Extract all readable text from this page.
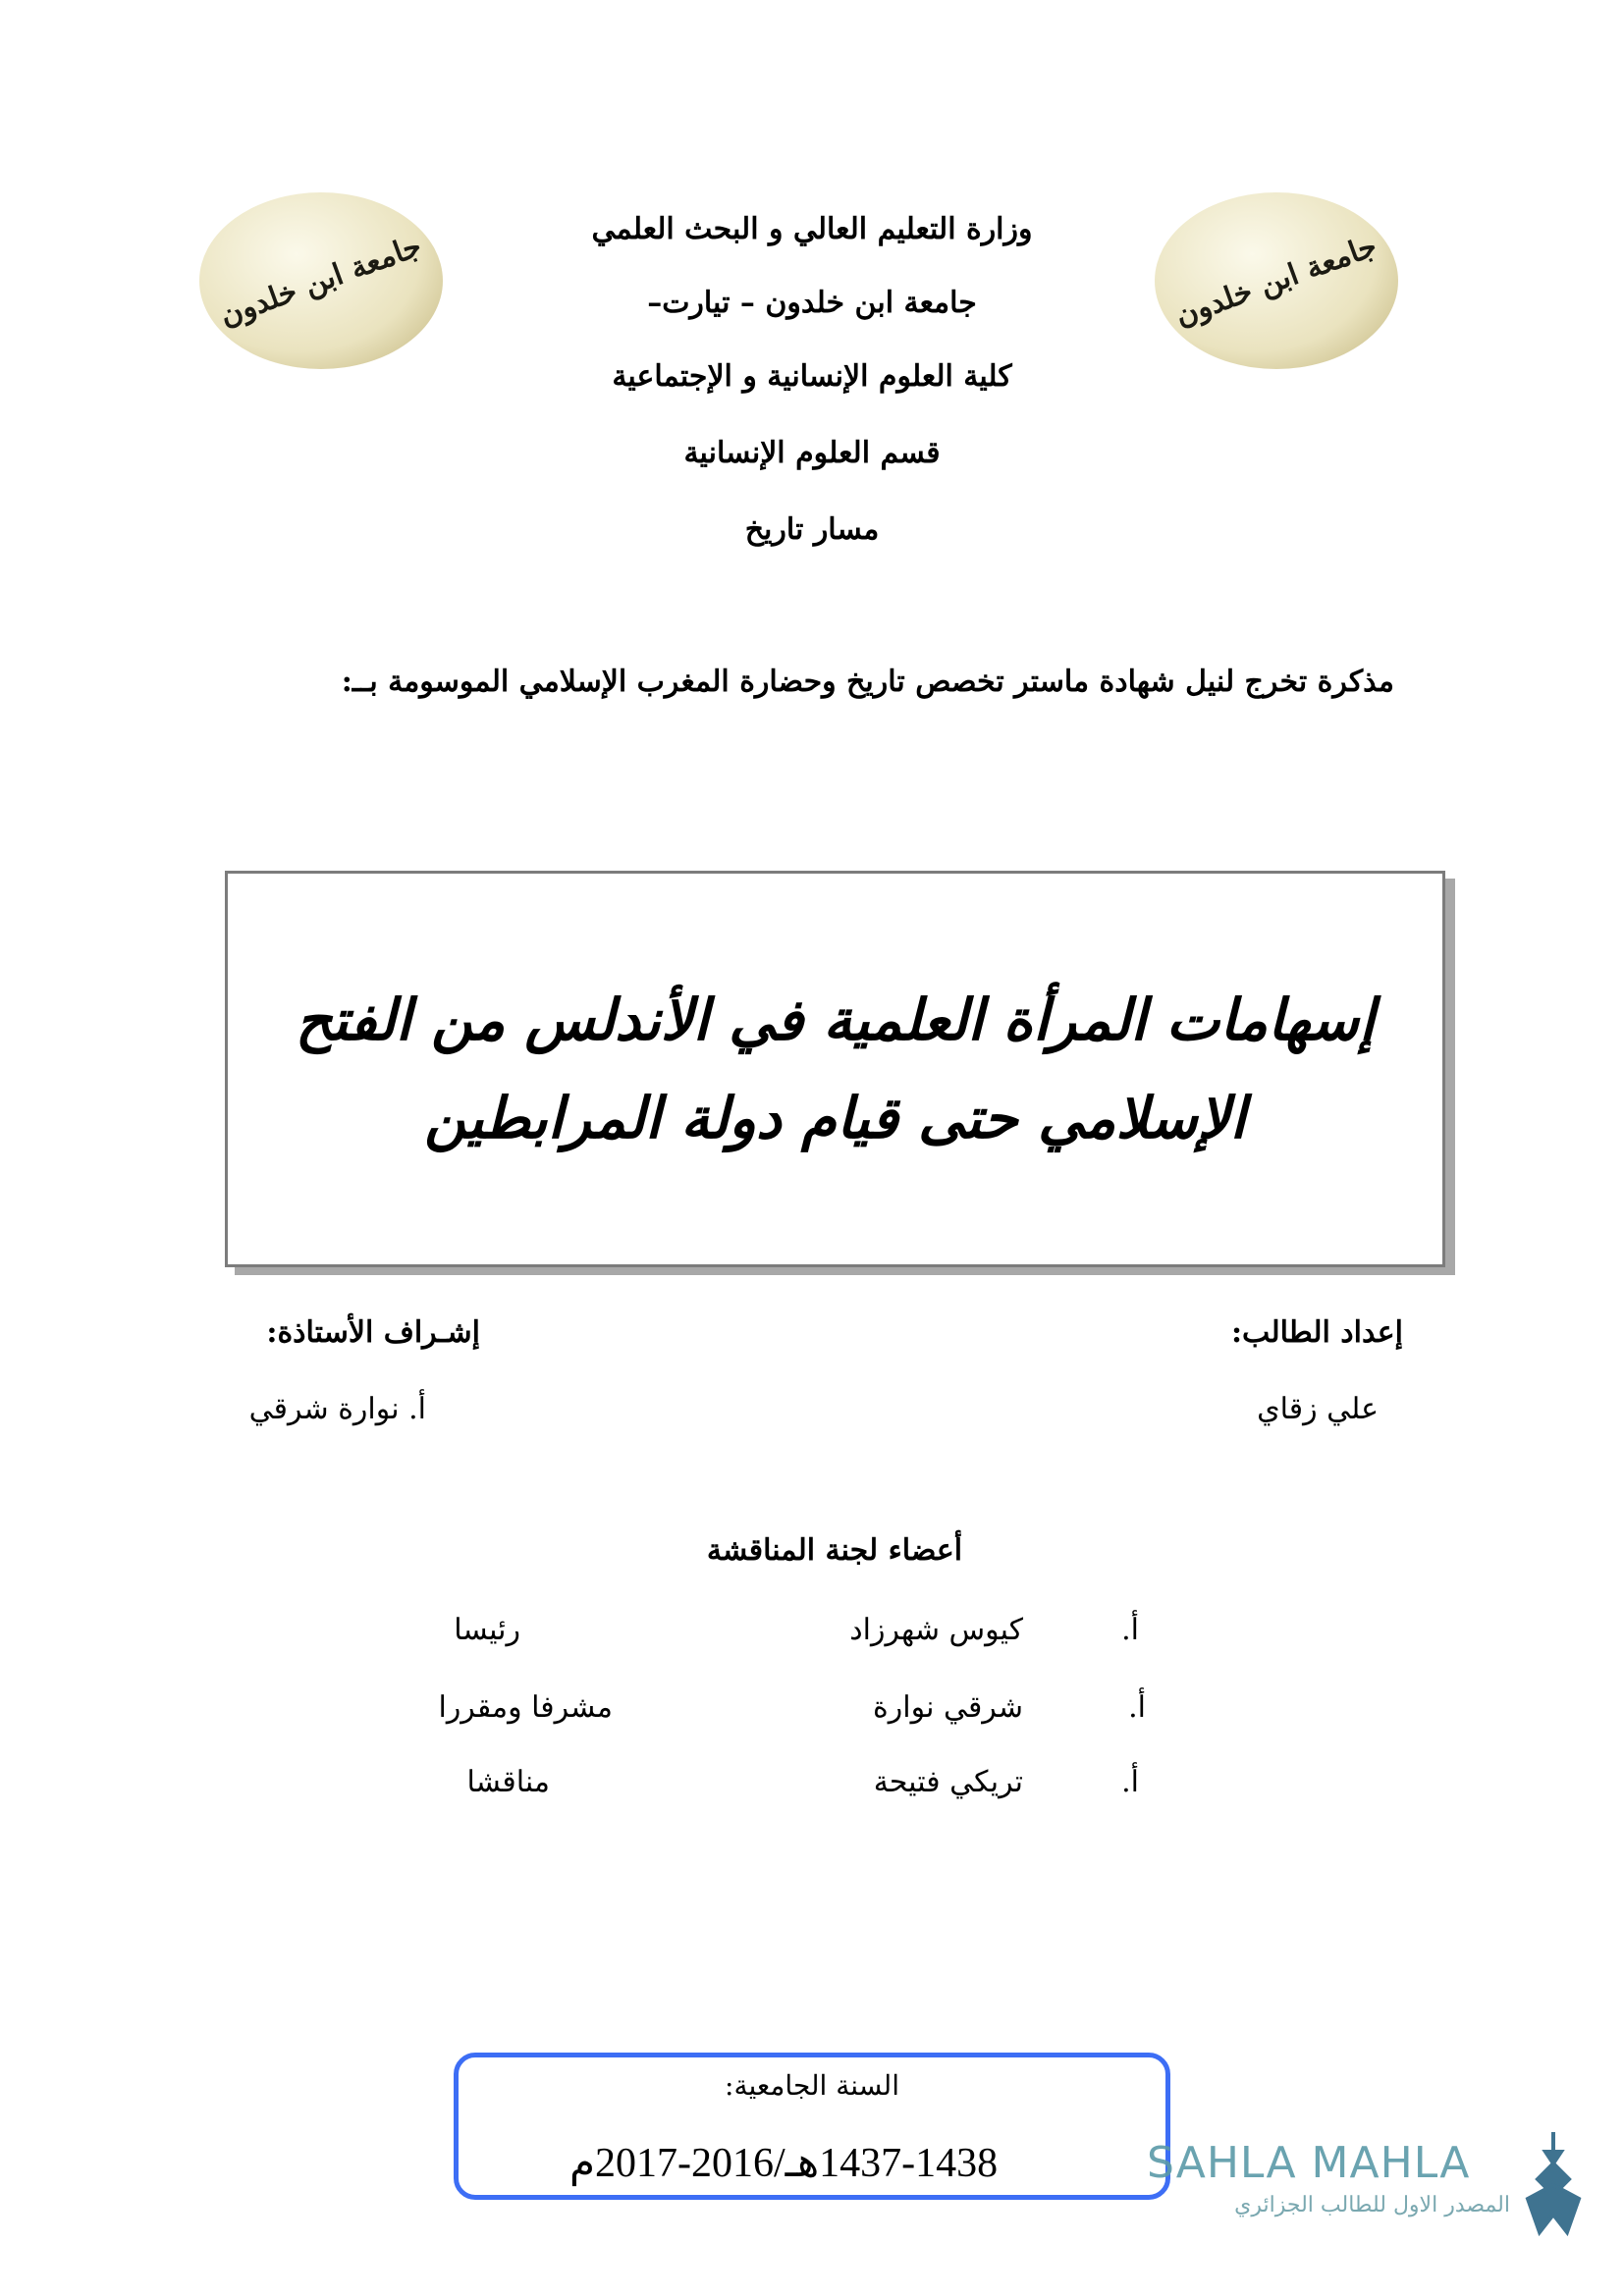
جامعة ابن خلدون	جامعة ابن خلدون
وزارة التعليم العالي و البحث العلمي
جامعة ابن خلدون – تيارت–
كلية العلوم الإنسانية و الإجتماعية
قسم العلوم الإنسانية
مسار تاريخ
مذكرة تخرج لنيل شهادة ماستر تخصص تاريخ وحضارة المغرب الإسلامي الموسومة بــ:
إسهامات المرأة العلمية في الأندلس من الفتح
الإسلامي حتى قيام دولة المرابطين
إعداد الطالب:
علي زقاي
إشـراف الأستاذة:
أ. نوارة شرقي
أعضاء لجنة المناقشة
أ.
كيوس شهرزاد
رئيسا
أ.
شرقي نوارة
مشرفا ومقررا
أ.
تريكي فتيحة
مناقشا
السنة الجامعية:
1437-1438هـ/2016-2017م	SAHLA MAHLA
المصدر الاول للطالب الجزائري
